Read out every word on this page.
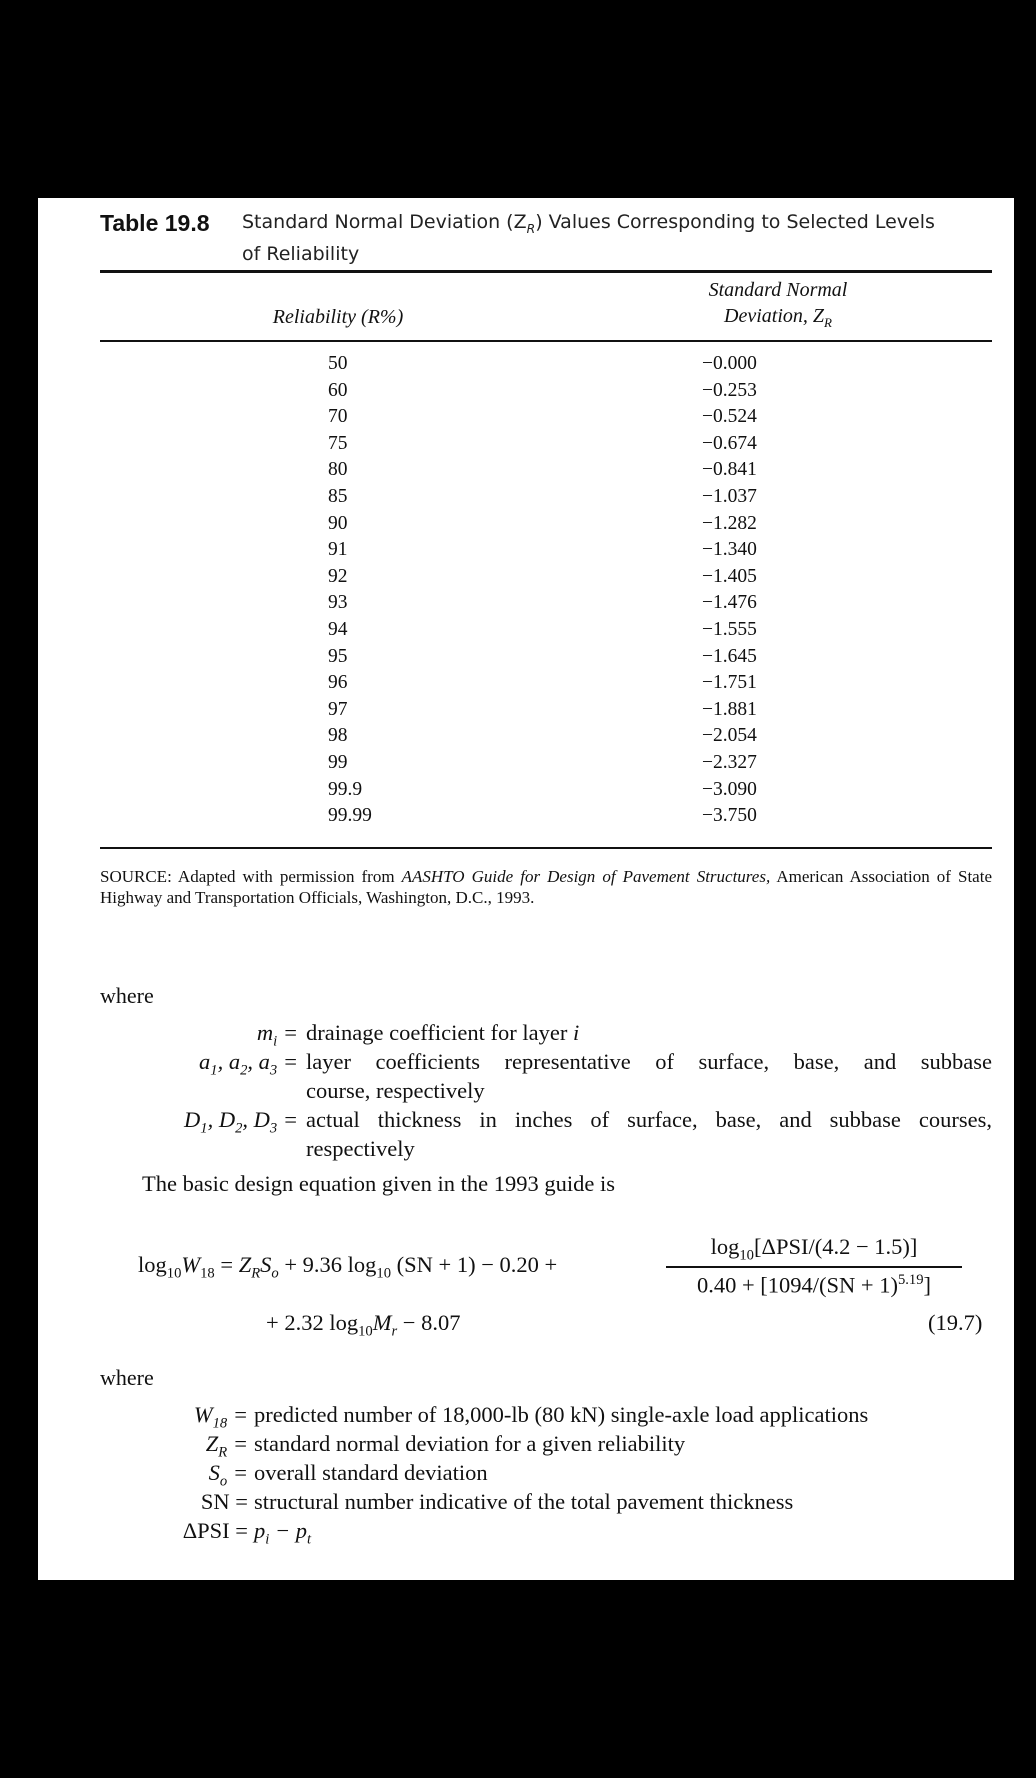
Table 19.8 Standard Normal Deviation $(Z_R)$ Values Corresponding to Selected Levels
of Reliability
Reliability (R%)
Standard Normal
Deviation, $Z_R$
50	−0.000
60	−0.253
70	−0.524
75	−0.674
80	−0.841
85	−1.037
90	−1.282
91	−1.340
92	−1.405
93	−1.476
94	−1.555
95	−1.645
96	−1.751
97	−1.881
98	−2.054
99	−2.327
99.9	−3.090
99.99	−3.750
SOURCE: Adapted with permission from AASHTO Guide for Design of Pavement Structures, American Association of State Highway and Transportation Officials, Washington, D.C., 1993.
where
$m_i$ = drainage coefficient for layer i
$a_1$, $a_2$, $a_3$ = layer coefficients representative of surface, base, and subbase
course, respectively
$D_1$, $D_2$, $D_3$ = actual thickness in inches of surface, base, and subbase courses,
respectively
The basic design equation given in the 1993 guide is
$\log_{10}W_{18} = Z_RS_o + 9.36$ $\log_{10} (SN + 1) - 0.20$ +
$\log_{10}[\Delta PSI/(4.2 - 1.5)]$
0.40 + [1094/(SN + 1)$^{5.19}$]
+ 2.32 $\log_{10}M_r - 8.07$	(19.7)
where
$W_{18}$ = predicted number of 18,000-lb (80 kN) single-axle load applications
$Z_R$ = standard normal deviation for a given reliability
$S_o$ = overall standard deviation
SN = structural number indicative of the total pavement thickness
$\Delta PSI = p_i - p_t$
